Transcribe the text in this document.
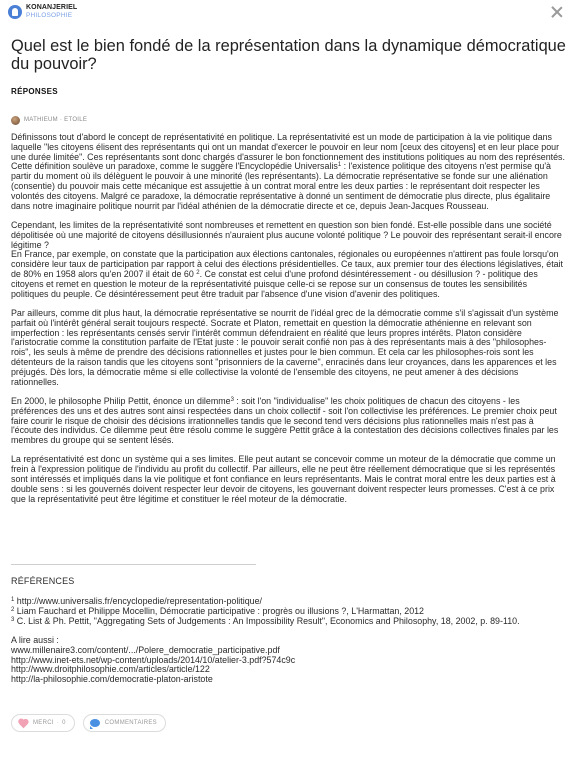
KONANJERIEL
PHILOSOPHIE
Quel est le bien fondé de la représentation dans la dynamique démocratique du pouvoir?
RÉPONSES
MATHIEUM · ETOILE

Définissons tout d'abord le concept de représentativité en politique. La représentativité est un mode de participation à la vie politique dans laquelle "les citoyens élisent des représentants qui ont un mandat d'exercer le pouvoir en leur nom [ceux des citoyens] et en leur place pour une durée limitée". Ces représentants sont donc chargés d'assurer le bon fonctionnement des institutions politiques au nom des représentés. Cette définition soulève un paradoxe, comme le suggère l'Encyclopédie Universalis$^1$ : l'existence politique des citoyens n'est permise qu'à partir du moment où ils délèguent le pouvoir à une minorité (les représentants). La démocratie représentative se fonde sur une aliénation (consentie) du pouvoir mais cette mécanique est assujettie à un contrat moral entre les deux parties : le représentant doit respecter les volontés des citoyens. Malgré ce paradoxe, la démocratie représentative à donné un sentiment de démocratie plus directe, plus égalitaire dans notre imaginaire politique nourrit par l'idéal athénien de la démocratie directe et ce, depuis Jean-Jacques Rousseau.

Cependant, les limites de la représentativité sont nombreuses et remettent en question son bien fondé. Est-elle possible dans une société dépolitisée où une majorité de citoyens désillusionnés n'auraient plus aucune volonté politique ? Le pouvoir des représentant serait-il encore légitime ?

En France, par exemple, on constate que la participation aux élections cantonales, régionales ou européennes n'attirent pas foule lorsqu'on considère leur taux de participation par rapport à celui des élections présidentielles. Ce taux, aux premier tour des élections législatives, était de 80% en 1958 alors qu'en 2007 il était de 60 $^2$. Ce constat est celui d'une profond désintéressement - ou désillusion ? - politique des citoyens et remet en question le moteur de la représentativité puisque celle-ci se repose sur un consensus de toutes les sensibilités politiques du peuple. Ce désintéressement peut être traduit par l'absence d'une vision d'avenir des politiques.

Par ailleurs, comme dit plus haut, la démocratie représentative se nourrit de l'idéal grec de la démocratie comme s'il s'agissait d'un système parfait où l'intérêt général serait toujours respecté. Socrate et Platon, remettait en question la démocratie athénienne en relevant son imperfection : les représentants censés servir l'intérêt commun défendraient en réalité que leurs propres intérêts. Platon considère l'aristocratie comme la constitution parfaite de l'Etat juste : le pouvoir serait confié non pas à des représentants mais à des "philosophes-rois", les seuls à même de prendre des décisions rationnelles et justes pour le bien commun. Et cela car les philosophes-rois sont les détenteurs de la raison tandis que les citoyens sont "prisonniers de la caverne", enracinés dans leur croyances, dans les apparences et les préjugés. Dès lors, la démocratie même si elle collectivise la volonté de l'ensemble des citoyens, ne peut amener à des décisions rationnelles.

En 2000, le philosophe Philip Pettit, énonce un dilemme$^3$ : soit l'on "individualise" les choix politiques de chacun des citoyens - les préférences des uns et des autres sont ainsi respectées dans un choix collectif - soit l'on collectivise les préférences. Le premier choix peut faire courir le risque de choisir des décisions irrationnelles tandis que le second tend vers décisions plus rationnelles mais n'est pas à l'écoute des individus. Ce dilemme peut être résolu comme le suggère Pettit grâce à la contestation des décisions collectives finales par les membres du groupe qui se sentent lésés.

La représentativité est donc un système qui a ses limites. Elle peut autant se concevoir comme un moteur de la démocratie que comme un frein à l'expression politique de l'individu au profit du collectif. Par ailleurs, elle ne peut être réellement démocratique que si les représentés sont intéressés et impliqués dans la vie politique et font confiance en leurs représentants. Mais le contrat moral entre les deux parties est à double sens : si les gouvernés doivent respecter leur devoir de citoyens, les gouvernant doivent respecter leurs promesses. C'est à ce prix que la représentativité peut être légitime et constituer le réel moteur de la démocratie.

RÉFÉRENCES

$^1$ http://www.universalis.fr/encyclopedie/representation-politique/

$^2$ Liam Fauchard et Philippe Mocellin, Démocratie participative : progrès ou illusions ?, L'Harmattan, 2012

$^3$ C. List & Ph. Pettit, "Aggregating Sets of Judgements : An Impossibility Result", Economics and Philosophy, 18, 2002, p. 89-110.

A lire aussi :

www.millenaire3.com/content/.../Polere_democratie_participative.pdf

http://www.inet-ets.net/wp-content/uploads/2014/10/atelier-3.pdf?574c9c

http://www.droitphilosophie.com/articles/article/122

http://la-philosophie.com/democratie-platon-aristote

MERCI · 0	COMMENTAIRES
